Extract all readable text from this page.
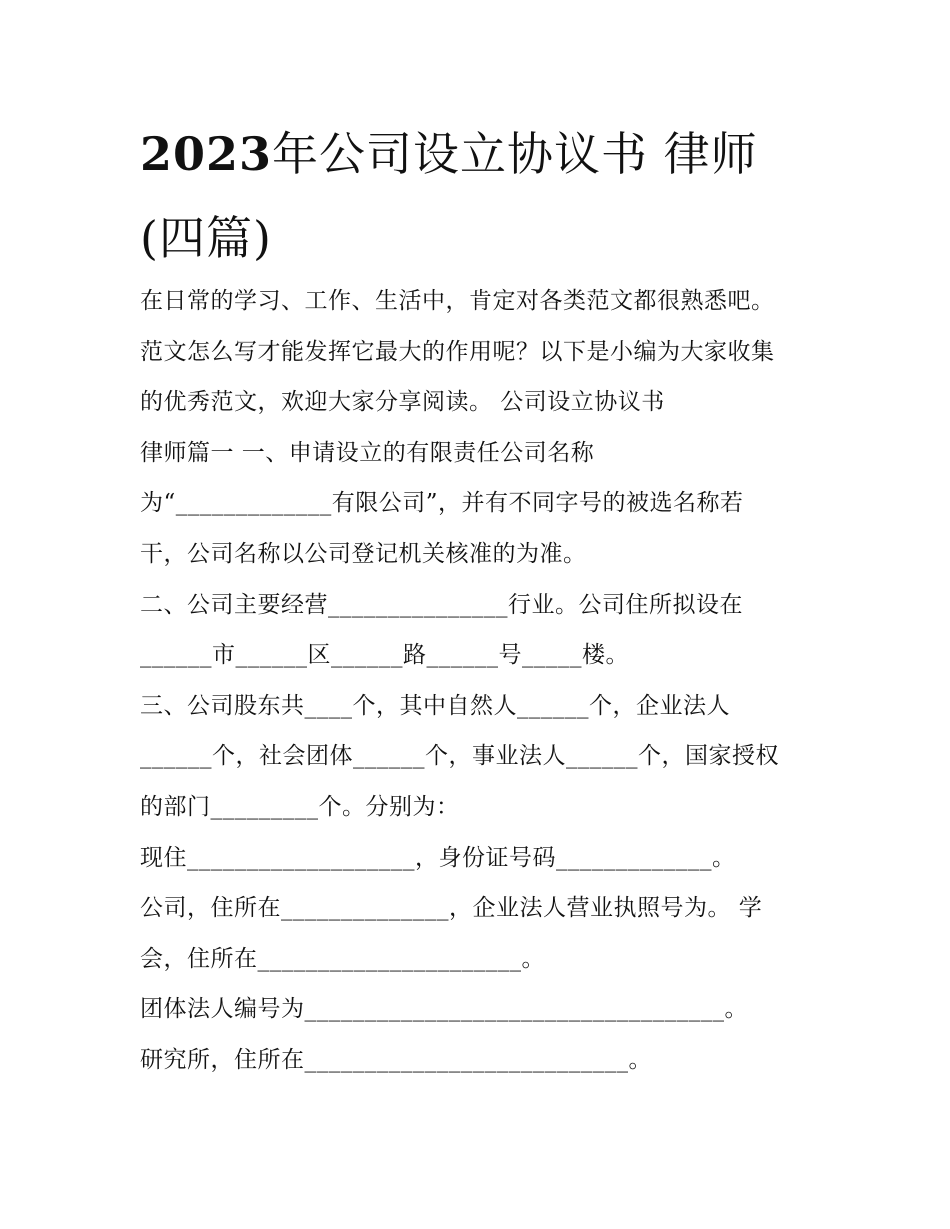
2023年公司设立协议书 律师
(四篇)
在日常的学习、工作、生活中，肯定对各类范文都很熟悉吧。
范文怎么写才能发挥它最大的作用呢？以下是小编为大家收集
的优秀范文，欢迎大家分享阅读。 公司设立协议书
律师篇一 一、申请设立的有限责任公司名称
为“_____________有限公司”，并有不同字号的被选名称若
干，公司名称以公司登记机关核准的为准。
二、公司主要经营_______________行业。公司住所拟设在
______市______区______路______号_____楼。
三、公司股东共____个，其中自然人______个，企业法人
______个，社会团体______个，事业法人______个，国家授权
的部门_________个。分别为：
现住___________________，身份证号码_____________。
公司，住所在______________，企业法人营业执照号为。 学
会，住所在______________________。
团体法人编号为___________________________________。
研究所，住所在___________________________。
